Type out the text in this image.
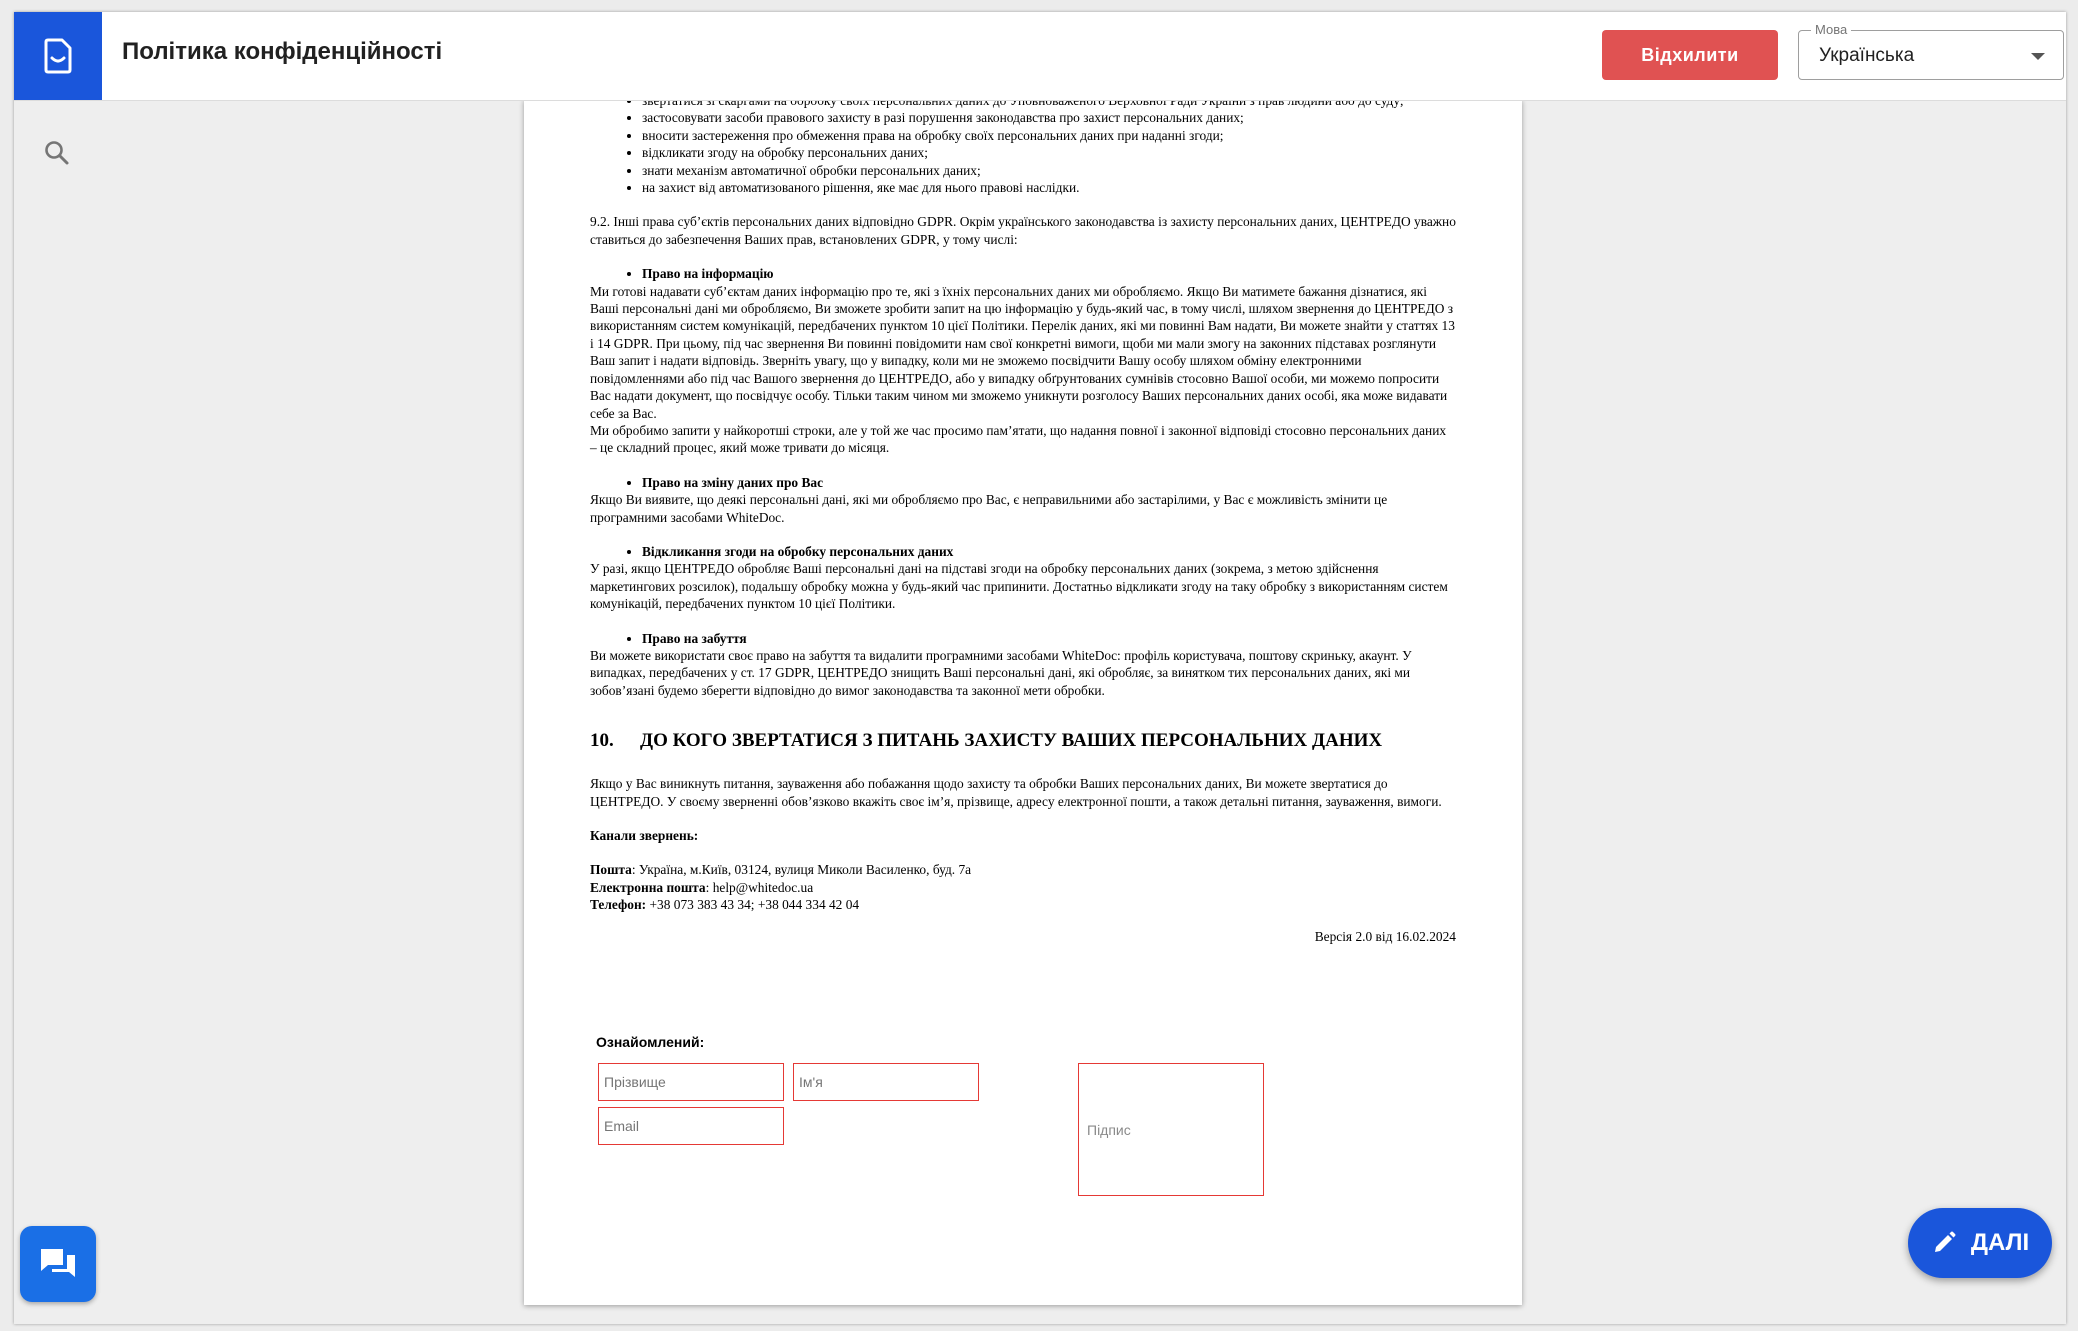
Політика конфіденційності	Відхилити
Мова
Українська
•
• застосовувати засоби правового захисту в разі порушення законодавства про захист персональних даних;
• вносити застереження про обмеження права на обробку своїх персональних даних при наданні згоди;
• відкликати згоду на обробку персональних даних;
• знати механізм автоматичної обробки персональних даних;
• на захист від автоматизованого рішення, яке має для нього правові наслідки.

9.2. Інші права суб’єктів персональних даних відповідно GDPR. Окрім українського законодавства із захисту персональних даних, ЦЕНТРЕДО уважно ставиться до забезпечення Ваших прав, встановлених GDPR, у тому числі:

• Право на інформацію

Ми готові надавати суб’єктам даних інформацію про те, які з їхніх персональних даних ми обробляємо. Якщо Ви матимете бажання дізнатися, які Ваші персональні дані ми обробляємо, Ви зможете зробити запит на цю інформацію у будь-який час, в тому числі, шляхом звернення до ЦЕНТРЕДО з використанням систем комунікацій, передбачених пунктом 10 цієї Політики. Перелік даних, які ми повинні Вам надати, Ви можете знайти у статтях 13 і 14 GDPR. При цьому, під час звернення Ви повинні повідомити нам свої конкретні вимоги, щоби ми мали змогу на законних підставах розглянути Ваш запит і надати відповідь. Зверніть увагу, що у випадку, коли ми не зможемо посвідчити Вашу особу шляхом обміну електронними повідомленнями або під час Вашого звернення до ЦЕНТРЕДО, або у випадку обґрунтованих сумнівів стосовно Вашої особи, ми можемо попросити Вас надати документ, що посвідчує особу. Тільки таким чином ми зможемо уникнути розголосу Ваших персональних даних особі, яка може видавати себе за Вас.

Ми обробимо запити у найкоротші строки, але у той же час просимо пам’ятати, що надання повної і законної відповіді стосовно персональних даних – це складний процес, який може тривати до місяця.

• Право на зміну даних про Вас

Якщо Ви виявите, що деякі персональні дані, які ми обробляємо про Вас, є неправильними або застарілими, у Вас є можливість змінити це програмними засобами WhiteDoc.

• Відкликання згоди на обробку персональних даних

У разі, якщо ЦЕНТРЕДО обробляє Ваші персональні дані на підставі згоди на обробку персональних даних (зокрема, з метою здійснення маркетингових розсилок), подальшу обробку можна у будь-який час припинити. Достатньо відкликати згоду на таку обробку з використанням систем комунікацій, передбачених пунктом 10 цієї Політики.

• Право на забуття

Ви можете використати своє право на забуття та видалити програмними засобами WhiteDoc: профіль користувача, поштову скриньку, акаунт. У випадках, передбачених у ст. 17 GDPR, ЦЕНТРЕДО знищить Ваші персональні дані, які обробляє, за винятком тих персональних даних, які ми зобов’язані будемо зберегти відповідно до вимог законодавства та законної мети обробки.

10. ДО КОГО ЗВЕРТАТИСЯ З ПИТАНЬ ЗАХИСТУ ВАШИХ ПЕРСОНАЛЬНИХ ДАНИХ

Якщо у Вас виникнуть питання, зауваження або побажання щодо захисту та обробки Ваших персональних даних, Ви можете звертатися до ЦЕНТРЕДО. У своєму зверненні обов’язково вкажіть своє ім’я, прізвище, адресу електронної пошти, а також детальні питання, зауваження, вимоги.

Канали звернень:

Пошта: Україна, м.Київ, 03124, вулиця Миколи Василенко, буд. 7а

Електронна пошта: help@whitedoc.ua

Телефон: +38 073 383 43 34; +38 044 334 42 04

Версія 2.0 від 16.02.2024

Ознайомлений:
Прізвище
Ім'я
Email
Підпис
ДАЛІ
